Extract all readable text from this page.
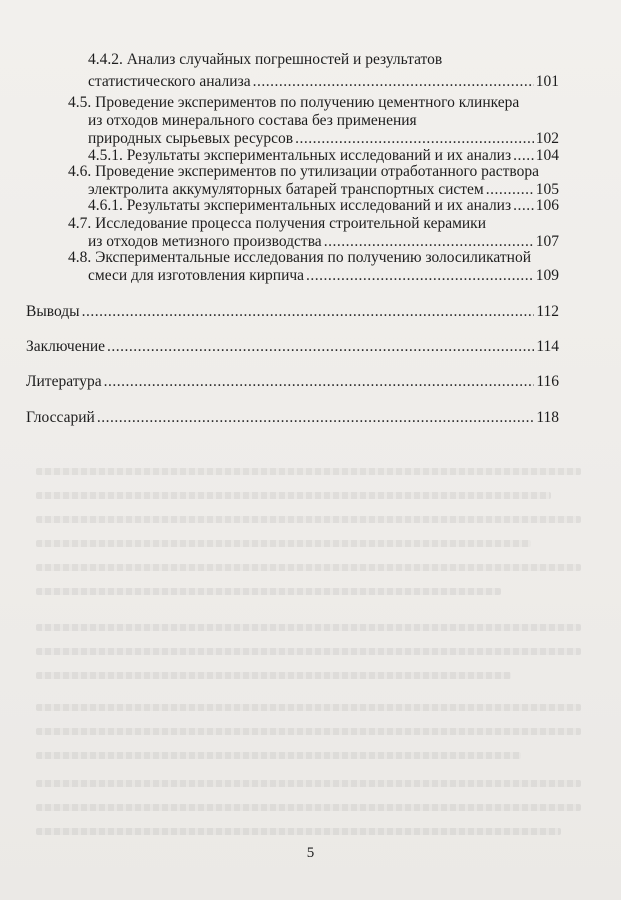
4.4.2. Анализ случайных погрешностей и результатов
статистического анализа .....	101
4.5. Проведение экспериментов по получению цементного клинкера
из отходов минерального состава без применения
природных сырьевых ресурсов .....	102
4.5.1. Результаты экспериментальных исследований и их анализ ..... 104
4.6. Проведение экспериментов по утилизации отработанного раствора
электролита аккумуляторных батарей транспортных систем .....	105
4.6.1. Результаты экспериментальных исследований и их анализ ..... 106
4.7. Исследование процесса получения строительной керамики
из отходов метизного производства .....	107
4.8. Экспериментальные исследования по получению золосиликатной
смеси для изготовления кирпича .....	109
Выводы .....	112
Заключение .....	114
Литература .....	116
Глоссарий .....	118
5
